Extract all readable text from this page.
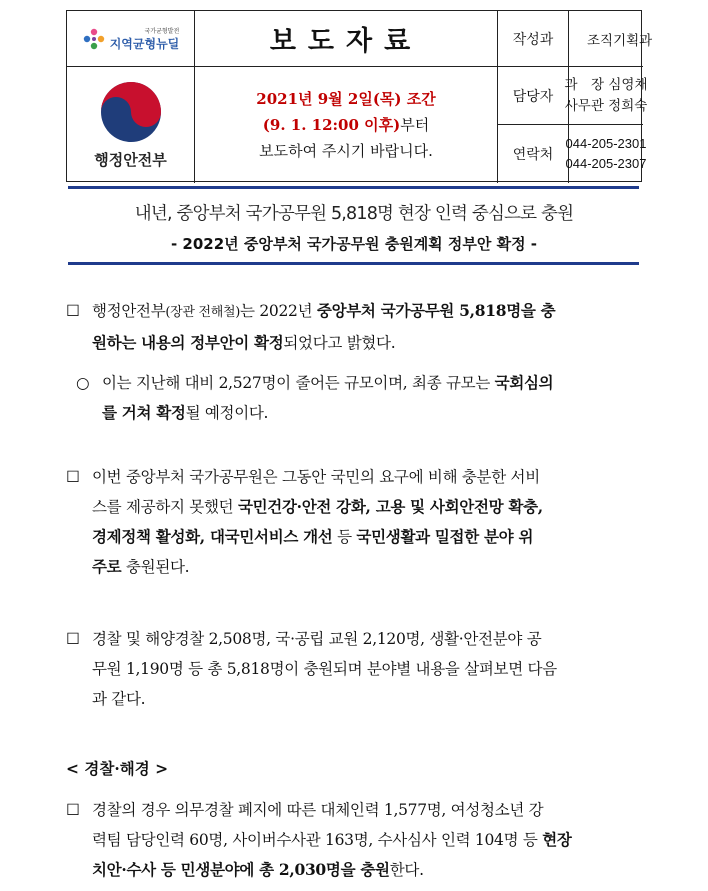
국가균형발전
지역균형뉴딜	보도자료	작성과 조직기획과
행정안전부
2021년 9월 2일(목) 조간
(9. 1. 12:00 이후)부터
보도하여 주시기 바랍니다.
담당자
과　장 심영채
사무관 정희숙
연락처
044-205-2301
044-205-2307
내년, 중앙부처 국가공무원 5,818명 현장 인력 중심으로 충원
- 2022년 중앙부처 국가공무원 충원계획 정부안 확정 -
☐ 행정안전부(장관 전해철)는 2022년 중앙부처 국가공무원 5,818명을 충
원하는 내용의 정부안이 확정되었다고 밝혔다.
○ 이는 지난해 대비 2,527명이 줄어든 규모이며, 최종 규모는 국회심의
를 거쳐 확정될 예정이다.
☐ 이번 중앙부처 국가공무원은 그동안 국민의 요구에 비해 충분한 서비
스를 제공하지 못했던 국민건강·안전 강화, 고용 및 사회안전망 확충,
경제정책 활성화, 대국민서비스 개선 등 국민생활과 밀접한 분야 위
주로 충원된다.
☐ 경찰 및 해양경찰 2,508명, 국·공립 교원 2,120명, 생활·안전분야 공
무원 1,190명 등 총 5,818명이 충원되며 분야별 내용을 살펴보면 다음
과 같다.
< 경찰·해경 >
☐ 경찰의 경우 의무경찰 폐지에 따른 대체인력 1,577명, 여성청소년 강
력팀 담당인력 60명, 사이버수사관 163명, 수사심사 인력 104명 등 현장
치안·수사 등 민생분야에 총 2,030명을 충원한다.
